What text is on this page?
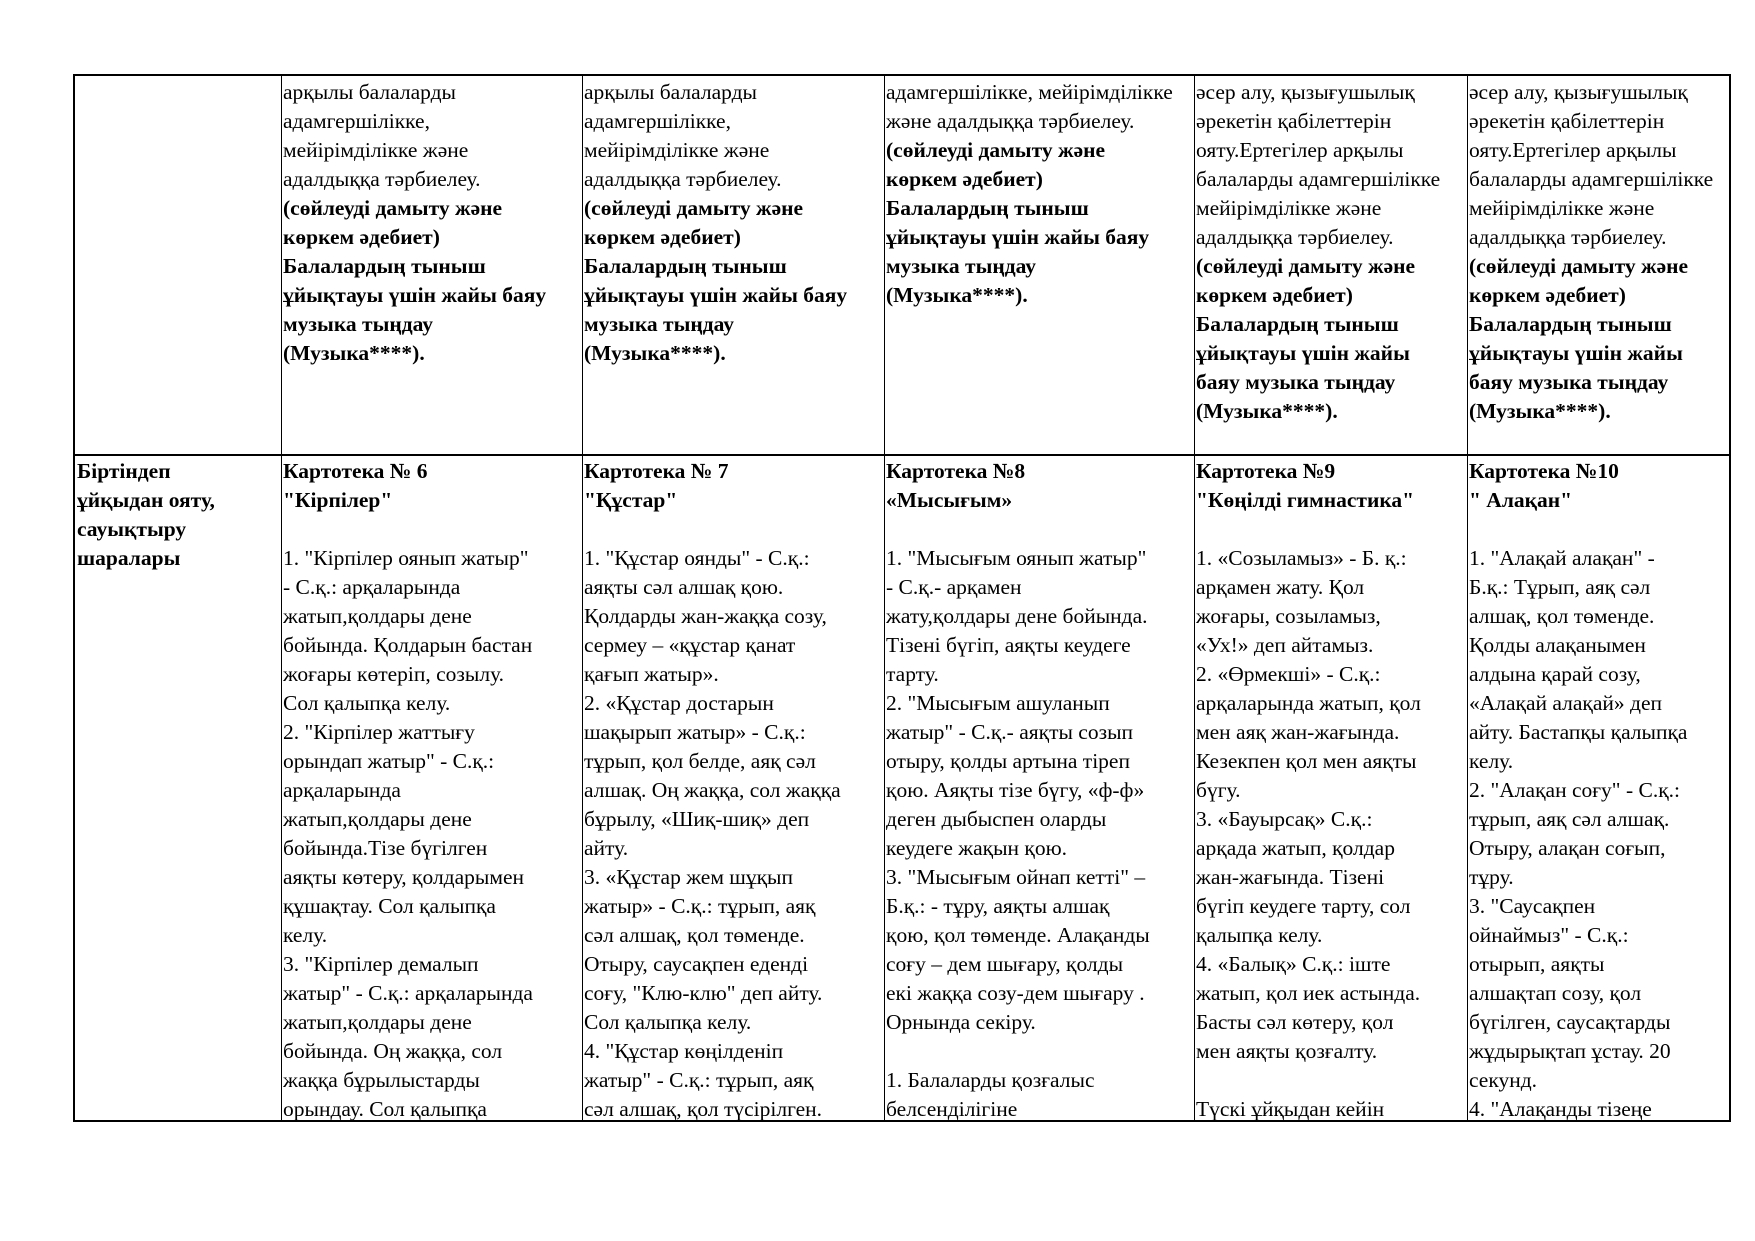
арқылы балаларды
адамгершілікке,
мейірімділікке және
адалдыққа тәрбиелеу.
(сөйлеуді дамыту және
көркем әдебиет)
Балалардың тыныш
ұйықтауы үшін жайы баяу
музыка тыңдау
(Музыка****).
арқылы балаларды
адамгершілікке,
мейірімділікке және
адалдыққа тәрбиелеу.
(сөйлеуді дамыту және
көркем әдебиет)
Балалардың тыныш
ұйықтауы үшін жайы баяу
музыка тыңдау
(Музыка****).
адамгершілікке, мейірімділікке
және адалдыққа тәрбиелеу.
(сөйлеуді дамыту және
көркем әдебиет)
Балалардың тыныш
ұйықтауы үшін жайы баяу
музыка тыңдау
(Музыка****).
әсер алу, қызығушылық
әрекетін қабілеттерін
ояту.Ертегілер арқылы
балаларды адамгершілікке
мейірімділікке және
адалдыққа тәрбиелеу.
(сөйлеуді дамыту және
көркем әдебиет)
Балалардың тыныш
ұйықтауы үшін жайы
баяу музыка тыңдау
(Музыка****).
әсер алу, қызығушылық
әрекетін қабілеттерін
ояту.Ертегілер арқылы
балаларды адамгершілікке
мейірімділікке және
адалдыққа тәрбиелеу.
(сөйлеуді дамыту және
көркем әдебиет)
Балалардың тыныш
ұйықтауы үшін жайы
баяу музыка тыңдау
(Музыка****).
Біртіндеп
ұйқыдан ояту,
сауықтыру
шаралары
Картотека № 6
"Кірпілер"

1. "Кірпілер оянып жатыр"
- С.қ.: арқаларында
жатып,қолдары дене
бойында. Қолдарын бастан
жоғары көтеріп, созылу.
Сол қалыпқа келу.
2. "Кірпілер жаттығу
орындап жатыр" - С.қ.:
арқаларында
жатып,қолдары дене
бойында.Тізе бүгілген
аяқты көтеру, қолдарымен
құшақтау. Сол қалыпқа
келу.
3. "Кірпілер демалып
жатыр" - С.қ.: арқаларында
жатып,қолдары дене
бойында. Оң жаққа, сол
жаққа бұрылыстарды
орындау. Сол қалыпқа
Картотека № 7
"Құстар"

1. "Құстар оянды" - С.қ.:
аяқты сәл алшақ қою.
Қолдарды жан-жаққа созу,
сермеу – «құстар қанат
қағып жатыр».
2. «Құстар достарын
шақырып жатыр» - С.қ.:
тұрып, қол белде, аяқ сәл
алшақ. Оң жаққа, сол жаққа
бұрылу, «Шиқ-шиқ» деп
айту.
3. «Құстар жем шұқып
жатыр» - С.қ.: тұрып, аяқ
сәл алшақ, қол төменде.
Отыру, саусақпен еденді
соғу, "Клю-клю" деп айту.
Сол қалыпқа келу.
4. "Құстар көңілденіп
жатыр" - С.қ.: тұрып, аяқ
сәл алшақ, қол түсірілген.
Картотека №8
«Мысығым»

1. "Мысығым оянып жатыр"
- С.қ.- арқамен
жату,қолдары дене бойында.
Тізені бүгіп, аяқты кеудеге
тарту.
2. "Мысығым ашуланып
жатыр" - С.қ.- аяқты созып
отыру, қолды артына тіреп
қою. Аяқты тізе бүгу, «ф-ф»
деген дыбыспен оларды
кеудеге жақын қою.
3. "Мысығым ойнап кетті" –
Б.қ.: - тұру, аяқты алшақ
қою, қол төменде. Алақанды
соғу – дем шығару, қолды
екі жаққа созу-дем шығару .
Орнында секіру.

1. Балаларды қозғалыс
белсенділігіне
Картотека №9
"Көңілді гимнастика"

1. «Созыламыз» - Б. қ.:
арқамен жату. Қол
жоғары, созыламыз,
«Ух!» деп айтамыз.
2. «Өрмекші» - С.қ.:
арқаларында жатып, қол
мен аяқ жан-жағында.
Кезекпен қол мен аяқты
бүгу.
3. «Бауырсақ» С.қ.:
арқада жатып, қолдар
жан-жағында. Тізені
бүгіп кеудеге тарту, сол
қалыпқа келу.
4. «Балық» С.қ.: іште
жатып, қол иек астында.
Басты сәл көтеру, қол
мен аяқты қозғалту.

Түскі ұйқыдан кейін
Картотека №10
" Алақан"

1. "Алақай алақан" -
Б.қ.: Тұрып, аяқ сәл
алшақ, қол төменде.
Қолды алақанымен
алдына қарай созу,
«Алақай алақай» деп
айту. Бастапқы қалыпқа
келу.
2. "Алақан соғу" - С.қ.:
тұрып, аяқ сәл алшақ.
Отыру, алақан соғып,
тұру.
3. "Саусақпен
ойнаймыз" - С.қ.:
отырып, аяқты
алшақтап созу, қол
бүгілген, саусақтарды
жұдырықтап ұстау. 20
секунд.
4. "Алақанды тізеңе
